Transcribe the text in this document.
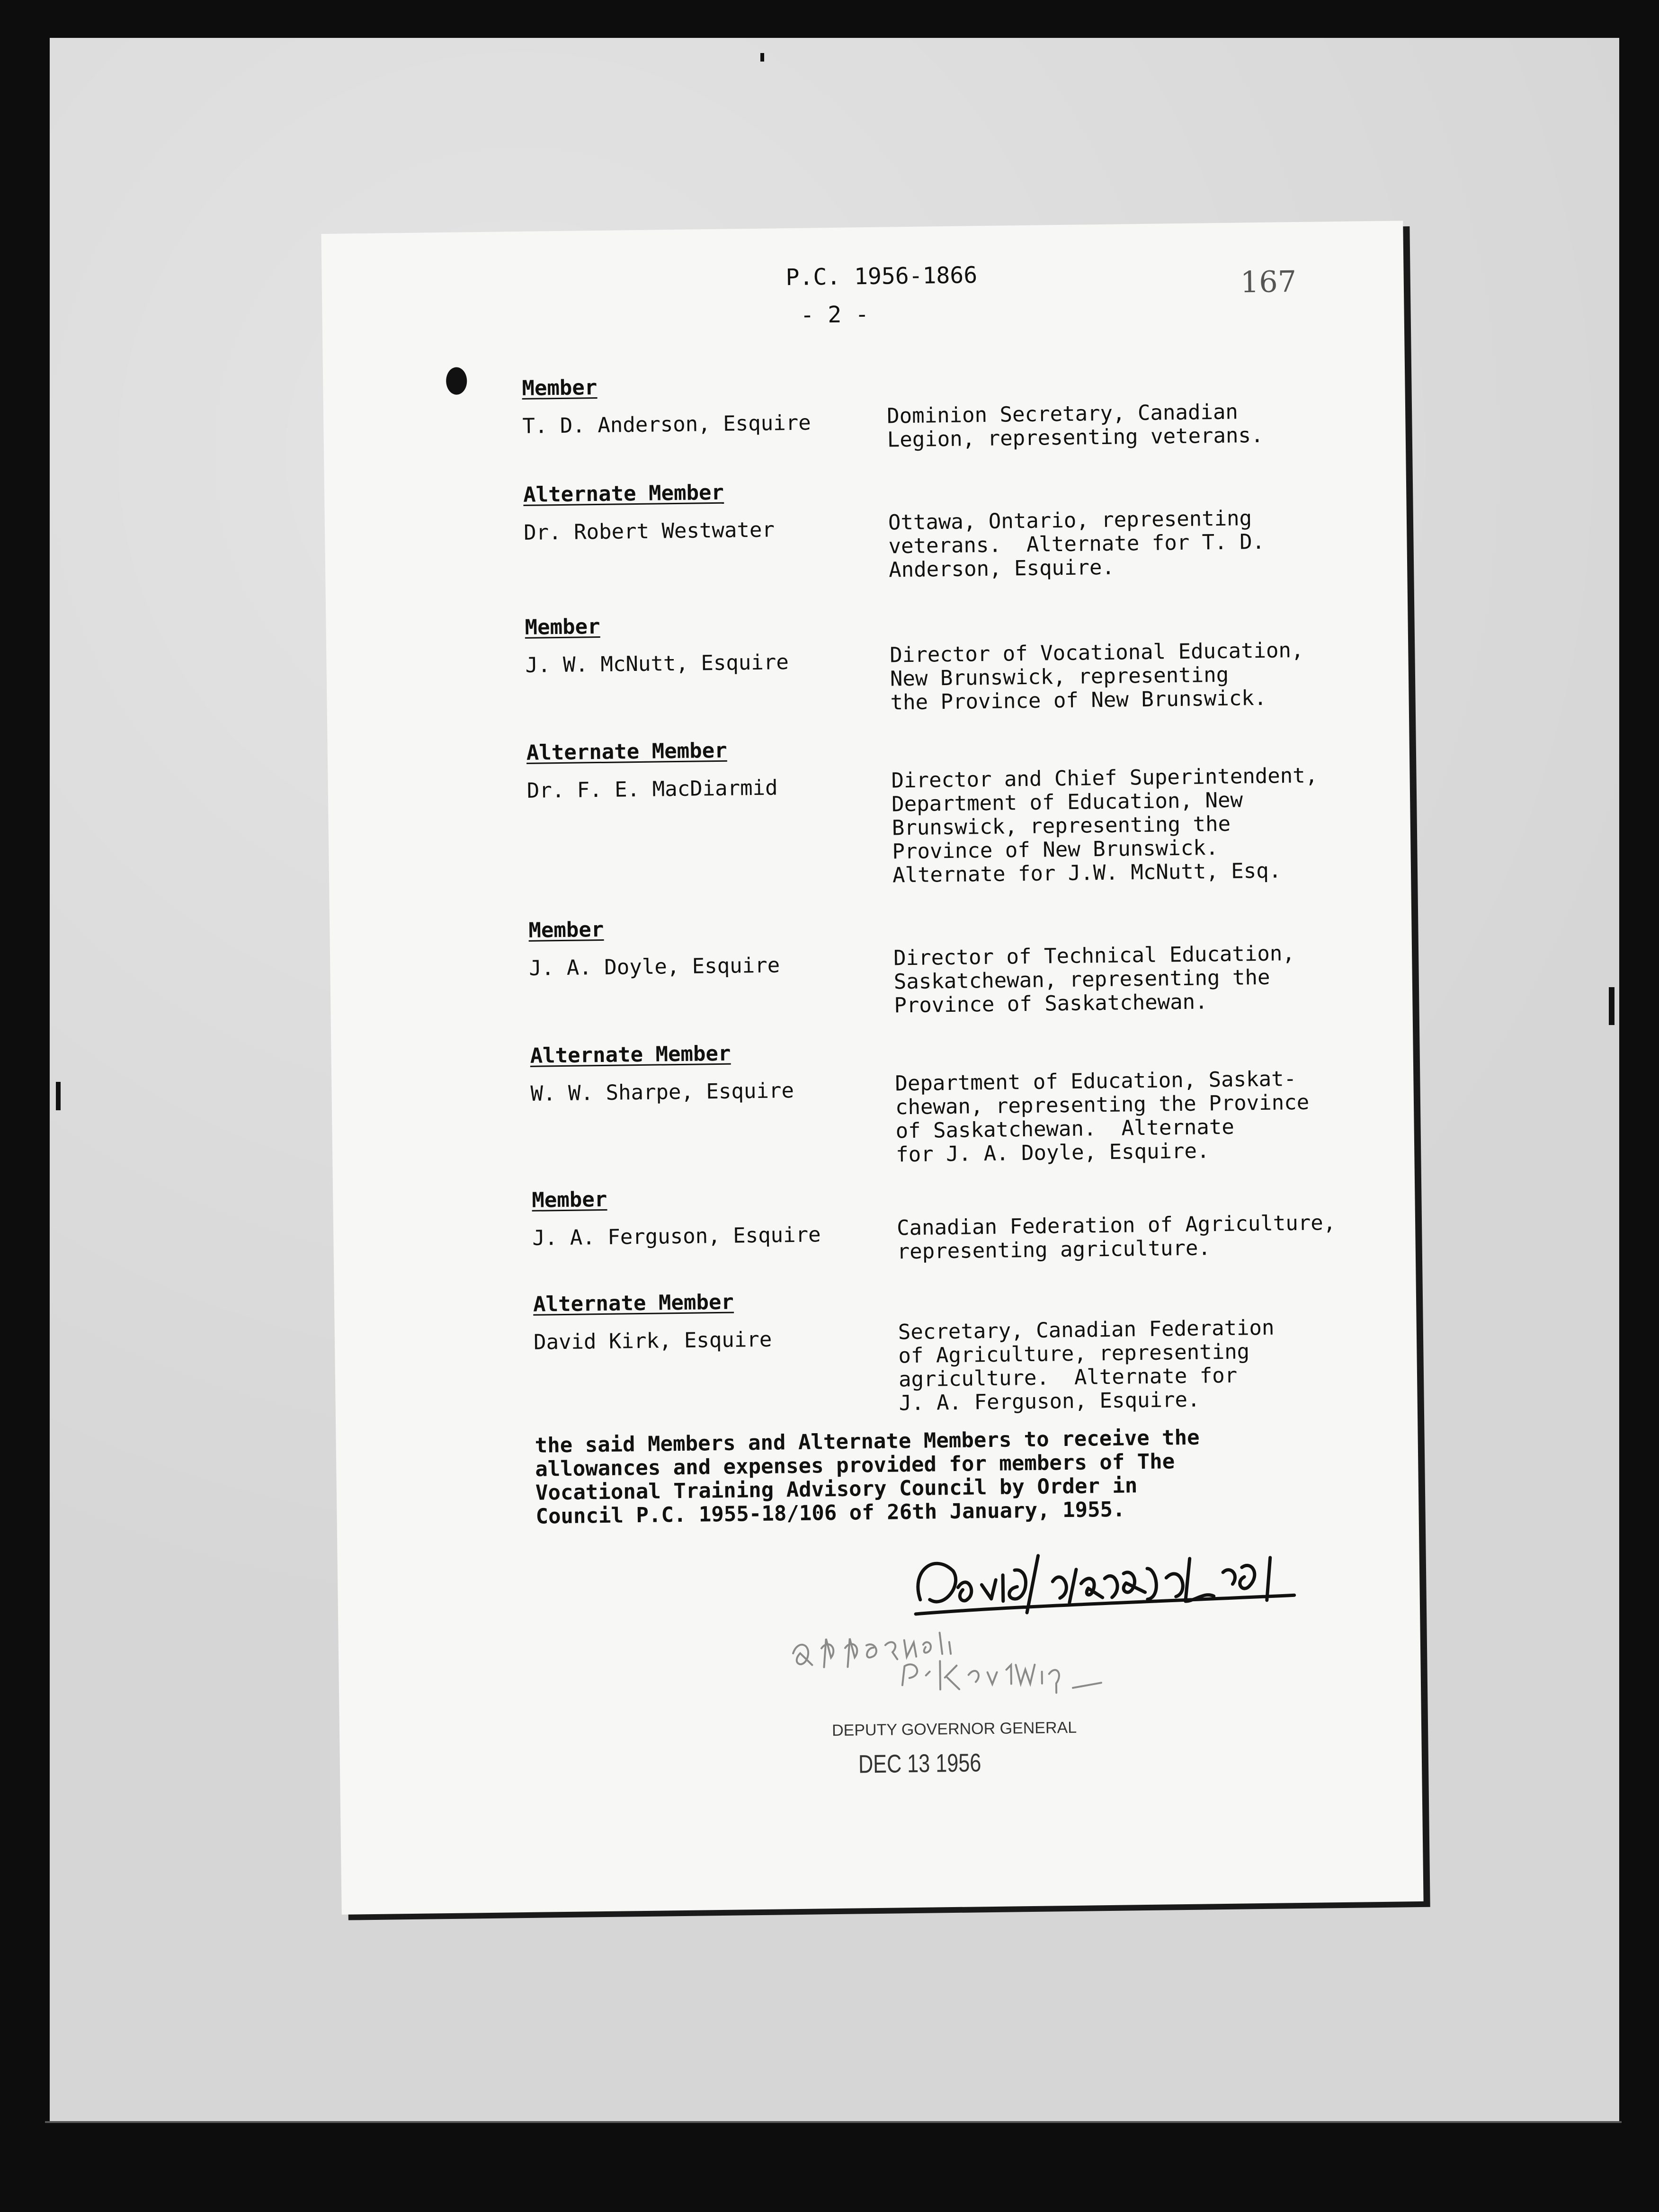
P.C. 1956-1866
- 2 -
167
Member
T. D. Anderson, Esquire	Dominion Secretary, Canadian
Legion, representing veterans.
Alternate Member
Dr. Robert Westwater	Ottawa, Ontario, representing
veterans.  Alternate for T. D.
Anderson, Esquire.
Member
J. W. McNutt, Esquire	Director of Vocational Education,
New Brunswick, representing
the Province of New Brunswick.
Alternate Member
Dr. F. E. MacDiarmid	Director and Chief Superintendent,
Department of Education, New
Brunswick, representing the
Province of New Brunswick.
Alternate for J.W. McNutt, Esq.
Member
J. A. Doyle, Esquire	Director of Technical Education,
Saskatchewan, representing the
Province of Saskatchewan.
Alternate Member
W. W. Sharpe, Esquire	Department of Education, Saskat-
chewan, representing the Province
of Saskatchewan.  Alternate
for J. A. Doyle, Esquire.
Member
J. A. Ferguson, Esquire	Canadian Federation of Agriculture,
representing agriculture.
Alternate Member
David Kirk, Esquire	Secretary, Canadian Federation
of Agriculture, representing
agriculture.  Alternate for
J. A. Ferguson, Esquire.
the said Members and Alternate Members to receive the
allowances and expenses provided for members of The
Vocational Training Advisory Council by Order in
Council P.C. 1955-18/106 of 26th January, 1955.
DEPUTY GOVERNOR GENERAL
DEC 13 1956
